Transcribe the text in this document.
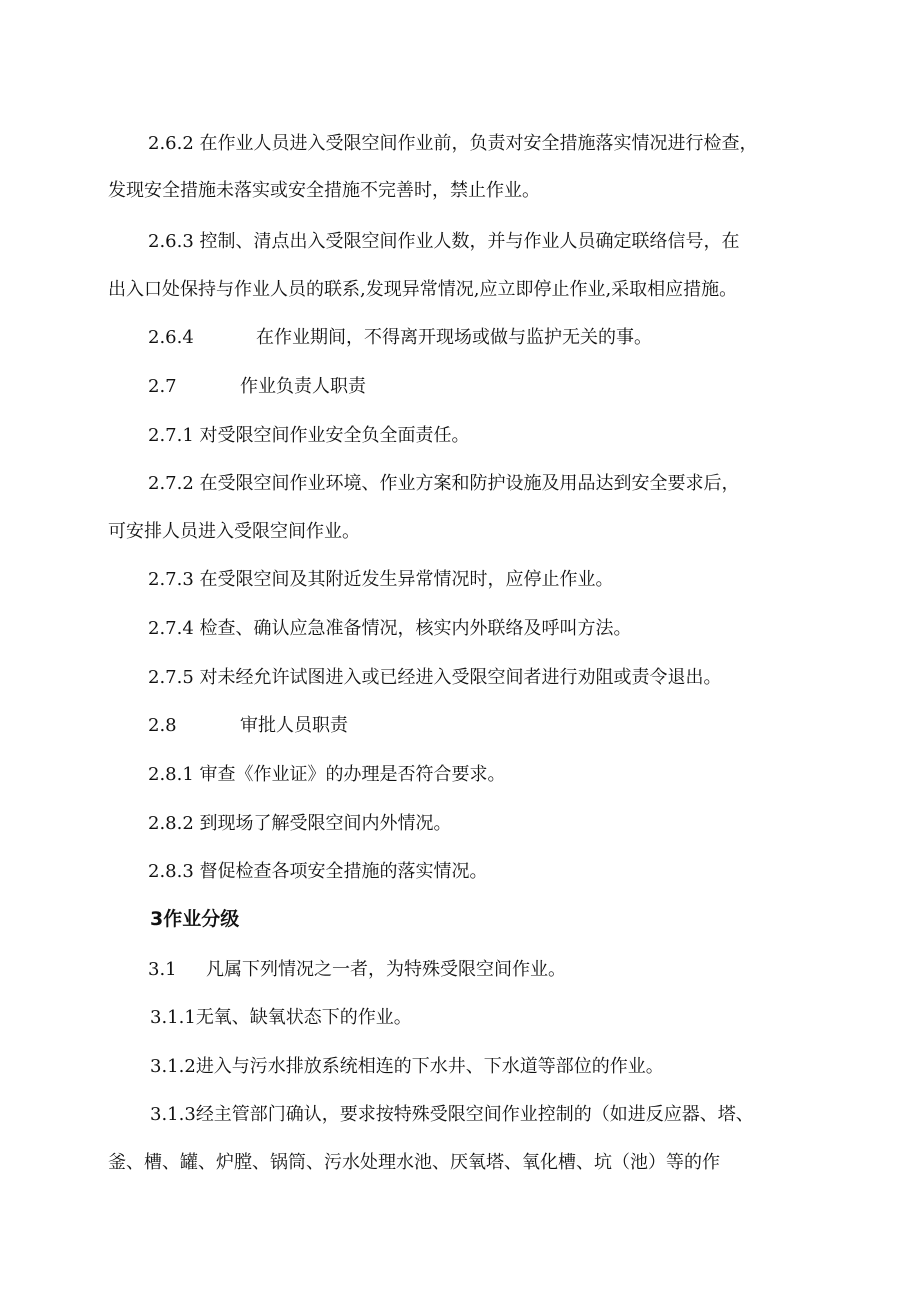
2.6.2 在作业人员进入受限空间作业前，负责对安全措施落实情况进行检查，
发现安全措施未落实或安全措施不完善时，禁止作业。
2.6.3 控制、清点出入受限空间作业人数，并与作业人员确定联络信号，在
出入口处保持与作业人员的联系,发现异常情况,应立即停止作业,采取相应措施。
2.6.4	在作业期间，不得离开现场或做与监护无关的事。
2.7	作业负责人职责
2.7.1 对受限空间作业安全负全面责任。
2.7.2 在受限空间作业环境、作业方案和防护设施及用品达到安全要求后，
可安排人员进入受限空间作业。
2.7.3 在受限空间及其附近发生异常情况时，应停止作业。
2.7.4 检查、确认应急准备情况，核实内外联络及呼叫方法。
2.7.5 对未经允许试图进入或已经进入受限空间者进行劝阻或责令退出。
2.8	审批人员职责
2.8.1 审查《作业证》的办理是否符合要求。
2.8.2 到现场了解受限空间内外情况。
2.8.3 督促检查各项安全措施的落实情况。
3作业分级
3.1 凡属下列情况之一者，为特殊受限空间作业。
3.1.1无氧、缺氧状态下的作业。
3.1.2进入与污水排放系统相连的下水井、下水道等部位的作业。
3.1.3经主管部门确认，要求按特殊受限空间作业控制的（如进反应器、塔、
釜、槽、罐、炉膛、锅筒、污水处理水池、厌氧塔、氧化槽、坑（池）等的作
